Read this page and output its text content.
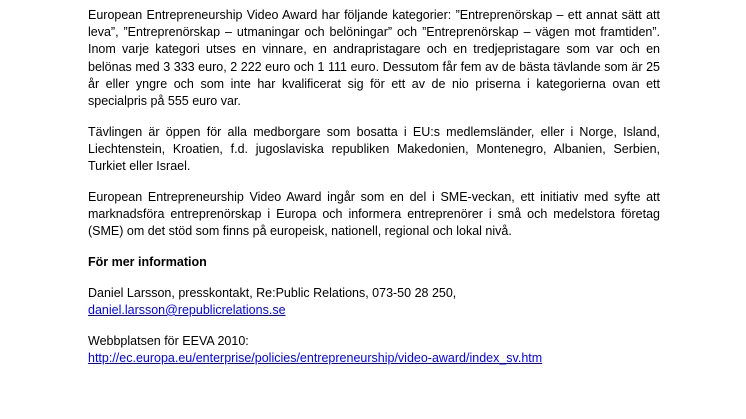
European Entrepreneurship Video Award har följande kategorier: ”Entreprenörskap – ett annat sätt att leva”, ”Entreprenörskap – utmaningar och belöningar” och ”Entreprenörskap – vägen mot framtiden”. Inom varje kategori utses en vinnare, en andrapristagare och en tredjepristagare som var och en belönas med 3 333 euro, 2 222 euro och 1 111 euro. Dessutom får fem av de bästa tävlande som är 25 år eller yngre och som inte har kvalificerat sig för ett av de nio priserna i kategorierna ovan ett specialpris på 555 euro var.

Tävlingen är öppen för alla medborgare som bosatta i EU:s medlemsländer, eller i Norge, Island, Liechtenstein, Kroatien, f.d. jugoslaviska republiken Makedonien, Montenegro, Albanien, Serbien, Turkiet eller Israel.

European Entrepreneurship Video Award ingår som en del i SME-veckan, ett initiativ med syfte att marknadsföra entreprenörskap i Europa och informera entreprenörer i små och medelstora företag (SME) om det stöd som finns på europeisk, nationell, regional och lokal nivå.

För mer information

Daniel Larsson, presskontakt, Re:Public Relations, 073-50 28 250,
daniel.larsson@republicrelations.se

Webbplatsen för EEVA 2010:
http://ec.europa.eu/enterprise/policies/entrepreneurship/video-award/index_sv.htm
